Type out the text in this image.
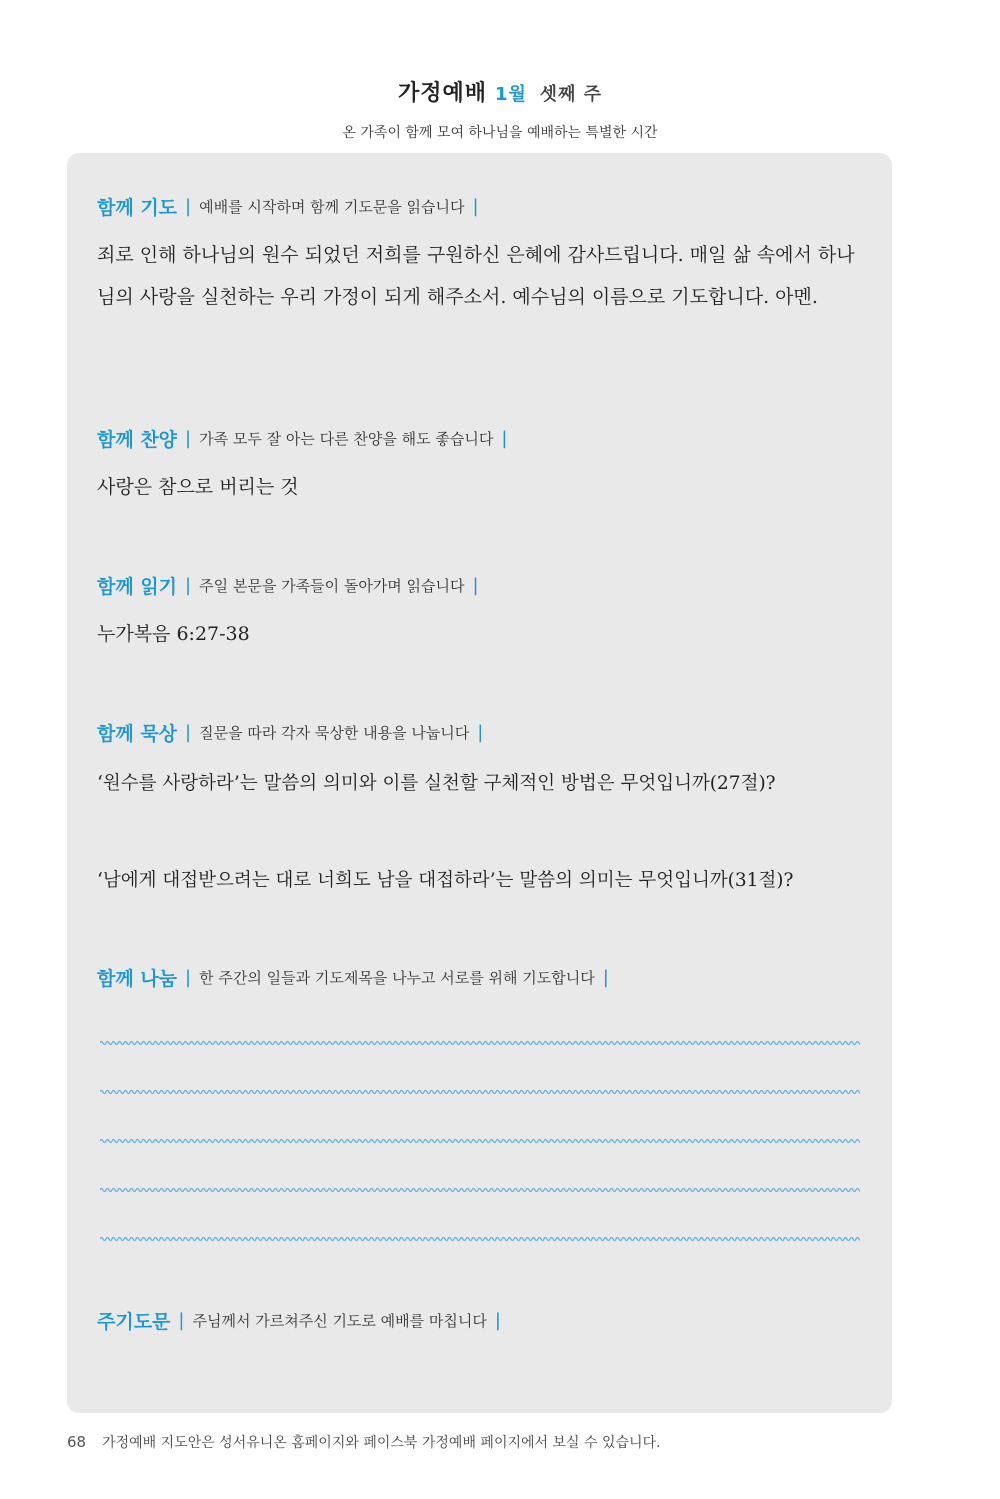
가정예배 1월 셋째 주
온 가족이 함께 모여 하나님을 예배하는 특별한 시간
함께 기도 | 예배를 시작하며 함께 기도문을 읽습니다 |
죄로 인해 하나님의 원수 되었던 저희를 구원하신 은혜에 감사드립니다. 매일 삶 속에서 하나님의 사랑을 실천하는 우리 가정이 되게 해주소서. 예수님의 이름으로 기도합니다. 아멘.
함께 찬양 | 가족 모두 잘 아는 다른 찬양을 해도 좋습니다 |
사랑은 참으로 버리는 것
함께 읽기 | 주일 본문을 가족들이 돌아가며 읽습니다 |
누가복음 6:27-38
함께 묵상 | 질문을 따라 각자 묵상한 내용을 나눕니다 |
‘원수를 사랑하라’는 말씀의 의미와 이를 실천할 구체적인 방법은 무엇입니까(27절)?
‘남에게 대접받으려는 대로 너희도 남을 대접하라’는 말씀의 의미는 무엇입니까(31절)?
함께 나눔 | 한 주간의 일들과 기도제목을 나누고 서로를 위해 기도합니다 |
주기도문 | 주님께서 가르쳐주신 기도로 예배를 마칩니다 |
68 가정예배 지도안은 성서유니온 홈페이지와 페이스북 가정예배 페이지에서 보실 수 있습니다.
